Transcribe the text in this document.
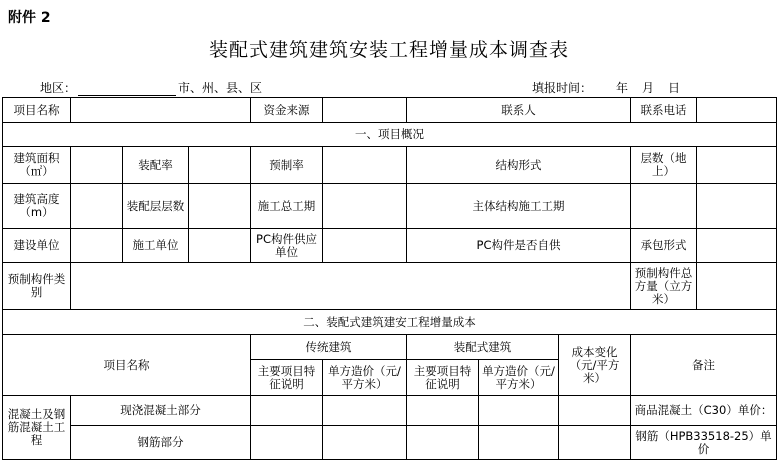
附件 2
装配式建筑建筑安装工程增量成本调查表
地区：	市、州、县、区	填报时间： 年 月 日
项目名称				资金来源		联系人			联系电话	
一、项目概况										
建筑面积（㎡）		装配率		预制率		结构形式			层数（地上）	
建筑高度（m）		装配层层数		施工总工期		主体结构施工工期				
建设单位		施工单位		PC构件供应单位		PC构件是否自供			承包形式	
预制构件类别									预制构件总方量（立方米）	
二、装配式建筑建安工程增量成本										
项目名称				传统建筑		装配式建筑		成本变化（元/平方米）	备注	
				主要项目特征说明	单方造价（元/平方米）	主要项目特征说明	单方造价（元/平方米）			
混凝土及钢筋混凝土工程	现浇混凝土部分								商品混凝土（C30）单价：	
	钢筋部分								钢筋（HPB33518-25）单价	
